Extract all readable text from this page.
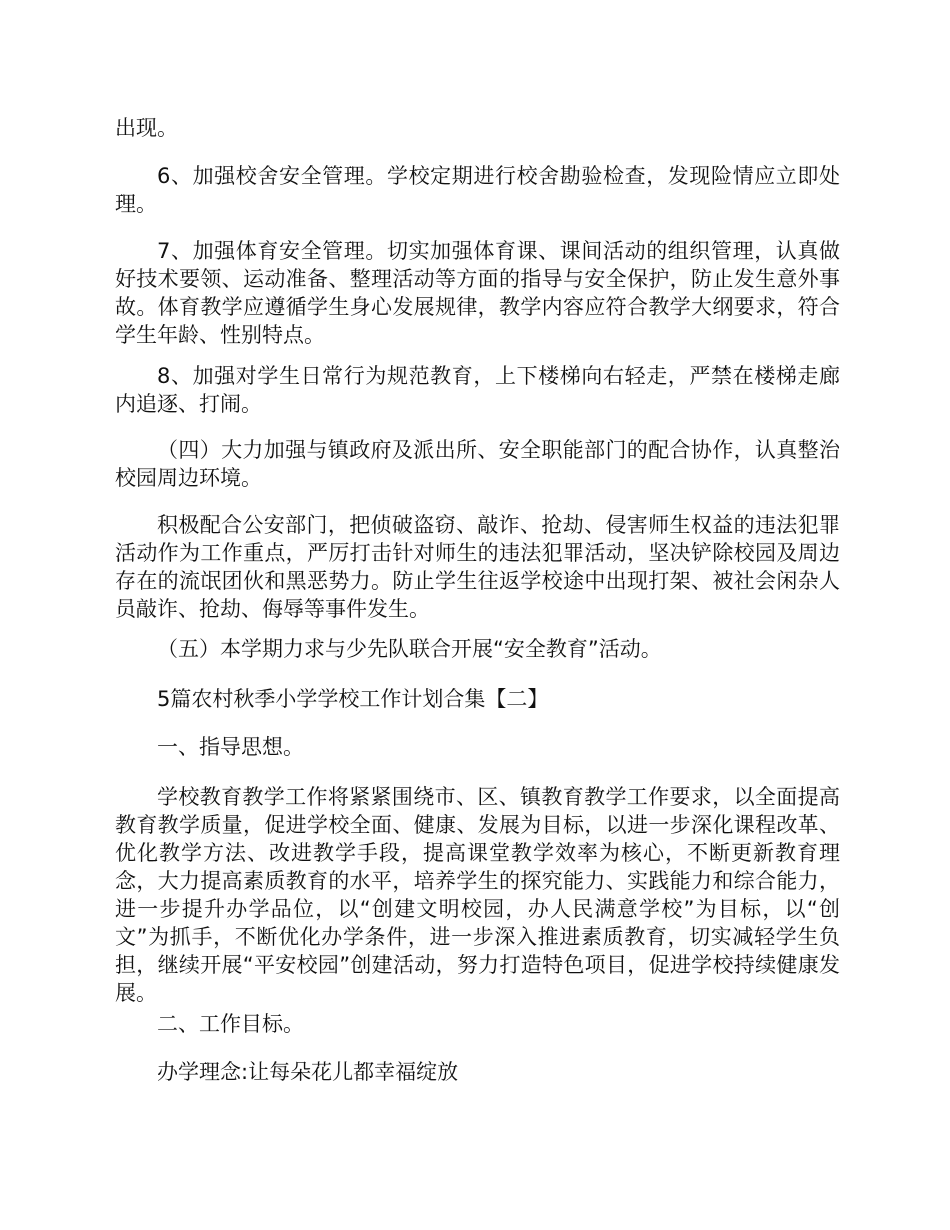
出现。

6、加强校舍安全管理。学校定期进行校舍勘验检查，发现险情应立即处理。

7、加强体育安全管理。切实加强体育课、课间活动的组织管理，认真做好技术要领、运动准备、整理活动等方面的指导与安全保护，防止发生意外事故。体育教学应遵循学生身心发展规律，教学内容应符合教学大纲要求，符合学生年龄、性别特点。

8、加强对学生日常行为规范教育，上下楼梯向右轻走，严禁在楼梯走廊内追逐、打闹。

（四）大力加强与镇政府及派出所、安全职能部门的配合协作，认真整治校园周边环境。

积极配合公安部门，把侦破盗窃、敲诈、抢劫、侵害师生权益的违法犯罪活动作为工作重点，严厉打击针对师生的违法犯罪活动，坚决铲除校园及周边存在的流氓团伙和黑恶势力。防止学生往返学校途中出现打架、被社会闲杂人员敲诈、抢劫、侮辱等事件发生。

（五）本学期力求与少先队联合开展“安全教育”活动。

5篇农村秋季小学学校工作计划合集【二】

一、指导思想。

学校教育教学工作将紧紧围绕市、区、镇教育教学工作要求，以全面提高教育教学质量，促进学校全面、健康、发展为目标，以进一步深化课程改革、优化教学方法、改进教学手段，提高课堂教学效率为核心，不断更新教育理念，大力提高素质教育的水平，培养学生的探究能力、实践能力和综合能力，进一步提升办学品位，以“创建文明校园，办人民满意学校”为目标，以“创文”为抓手，不断优化办学条件，进一步深入推进素质教育，切实减轻学生负担，继续开展“平安校园”创建活动，努力打造特色项目，促进学校持续健康发展。

二、工作目标。

办学理念:让每朵花儿都幸福绽放
